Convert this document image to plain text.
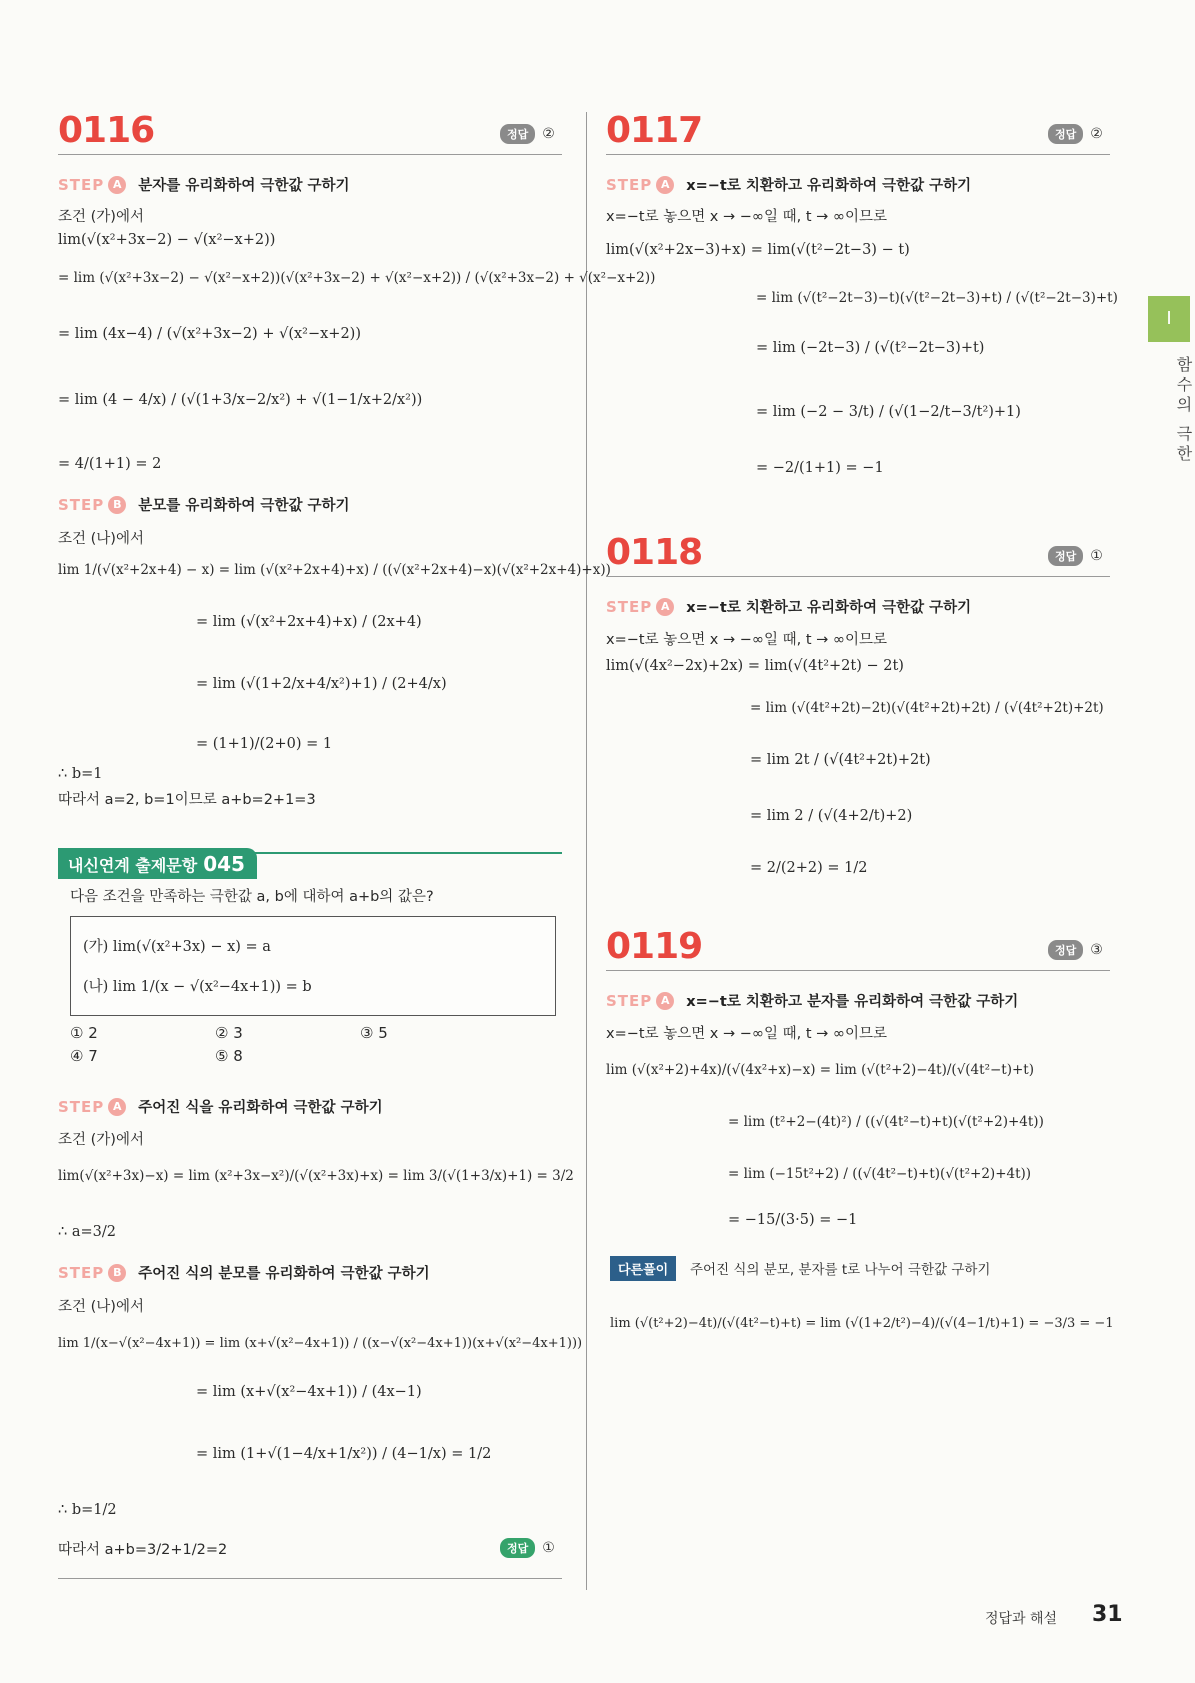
I
함수의 극한
0116	정답	②
STEP A	분자를 유리화하여 극한값 구하기
조건 (가)에서
lim(√(x²+3x−2) − √(x²−x+2))
= lim (√(x²+3x−2) − √(x²−x+2))(√(x²+3x−2) + √(x²−x+2)) / (√(x²+3x−2) + √(x²−x+2))
= lim (4x−4) / (√(x²+3x−2) + √(x²−x+2))
= lim (4 − 4/x) / (√(1+3/x−2/x²) + √(1−1/x+2/x²))
= 4/(1+1) = 2
STEP B	분모를 유리화하여 극한값 구하기
조건 (나)에서
lim 1/(√(x²+2x+4) − x) = lim (√(x²+2x+4)+x) / ((√(x²+2x+4)−x)(√(x²+2x+4)+x))
= lim (√(x²+2x+4)+x) / (2x+4)
= lim (√(1+2/x+4/x²)+1) / (2+4/x)
= (1+1)/(2+0) = 1
∴ b=1
따라서 a=2, b=1이므로 a+b=2+1=3
내신연계 출제문항 045
다음 조건을 만족하는 극한값 a, b에 대하여 a+b의 값은?
(가) lim(√(x²+3x) − x) = a
(나) lim 1/(x − √(x²−4x+1)) = b
① 2	② 3	③ 5
④ 7	⑤ 8
STEP A	주어진 식을 유리화하여 극한값 구하기
조건 (가)에서
lim(√(x²+3x)−x) = lim (x²+3x−x²)/(√(x²+3x)+x) = lim 3/(√(1+3/x)+1) = 3/2
∴ a=3/2
STEP B	주어진 식의 분모를 유리화하여 극한값 구하기
조건 (나)에서
lim 1/(x−√(x²−4x+1)) = lim (x+√(x²−4x+1)) / ((x−√(x²−4x+1))(x+√(x²−4x+1)))
= lim (x+√(x²−4x+1)) / (4x−1)
= lim (1+√(1−4/x+1/x²)) / (4−1/x) = 1/2
∴ b=1/2
따라서 a+b=3/2+1/2=2	정답	①
0117	정답	②
STEP A	x=−t로 치환하고 유리화하여 극한값 구하기
x=−t로 놓으면 x → −∞일 때, t → ∞이므로
lim(√(x²+2x−3)+x) = lim(√(t²−2t−3) − t)
= lim (√(t²−2t−3)−t)(√(t²−2t−3)+t) / (√(t²−2t−3)+t)
= lim (−2t−3) / (√(t²−2t−3)+t)
= lim (−2 − 3/t) / (√(1−2/t−3/t²)+1)
= −2/(1+1) = −1
0118	정답	①
STEP A	x=−t로 치환하고 유리화하여 극한값 구하기
x=−t로 놓으면 x → −∞일 때, t → ∞이므로
lim(√(4x²−2x)+2x) = lim(√(4t²+2t) − 2t)
= lim (√(4t²+2t)−2t)(√(4t²+2t)+2t) / (√(4t²+2t)+2t)
= lim 2t / (√(4t²+2t)+2t)
= lim 2 / (√(4+2/t)+2)
= 2/(2+2) = 1/2
0119	정답	③
STEP A	x=−t로 치환하고 분자를 유리화하여 극한값 구하기
x=−t로 놓으면 x → −∞일 때, t → ∞이므로
lim (√(x²+2)+4x)/(√(4x²+x)−x) = lim (√(t²+2)−4t)/(√(4t²−t)+t)
= lim (t²+2−(4t)²) / ((√(4t²−t)+t)(√(t²+2)+4t))
= lim (−15t²+2) / ((√(4t²−t)+t)(√(t²+2)+4t))
= −15/(3·5) = −1
다른풀이	주어진 식의 분모, 분자를 t로 나누어 극한값 구하기
lim (√(t²+2)−4t)/(√(4t²−t)+t) = lim (√(1+2/t²)−4)/(√(4−1/t)+1) = −3/3 = −1
정답과 해설 31
